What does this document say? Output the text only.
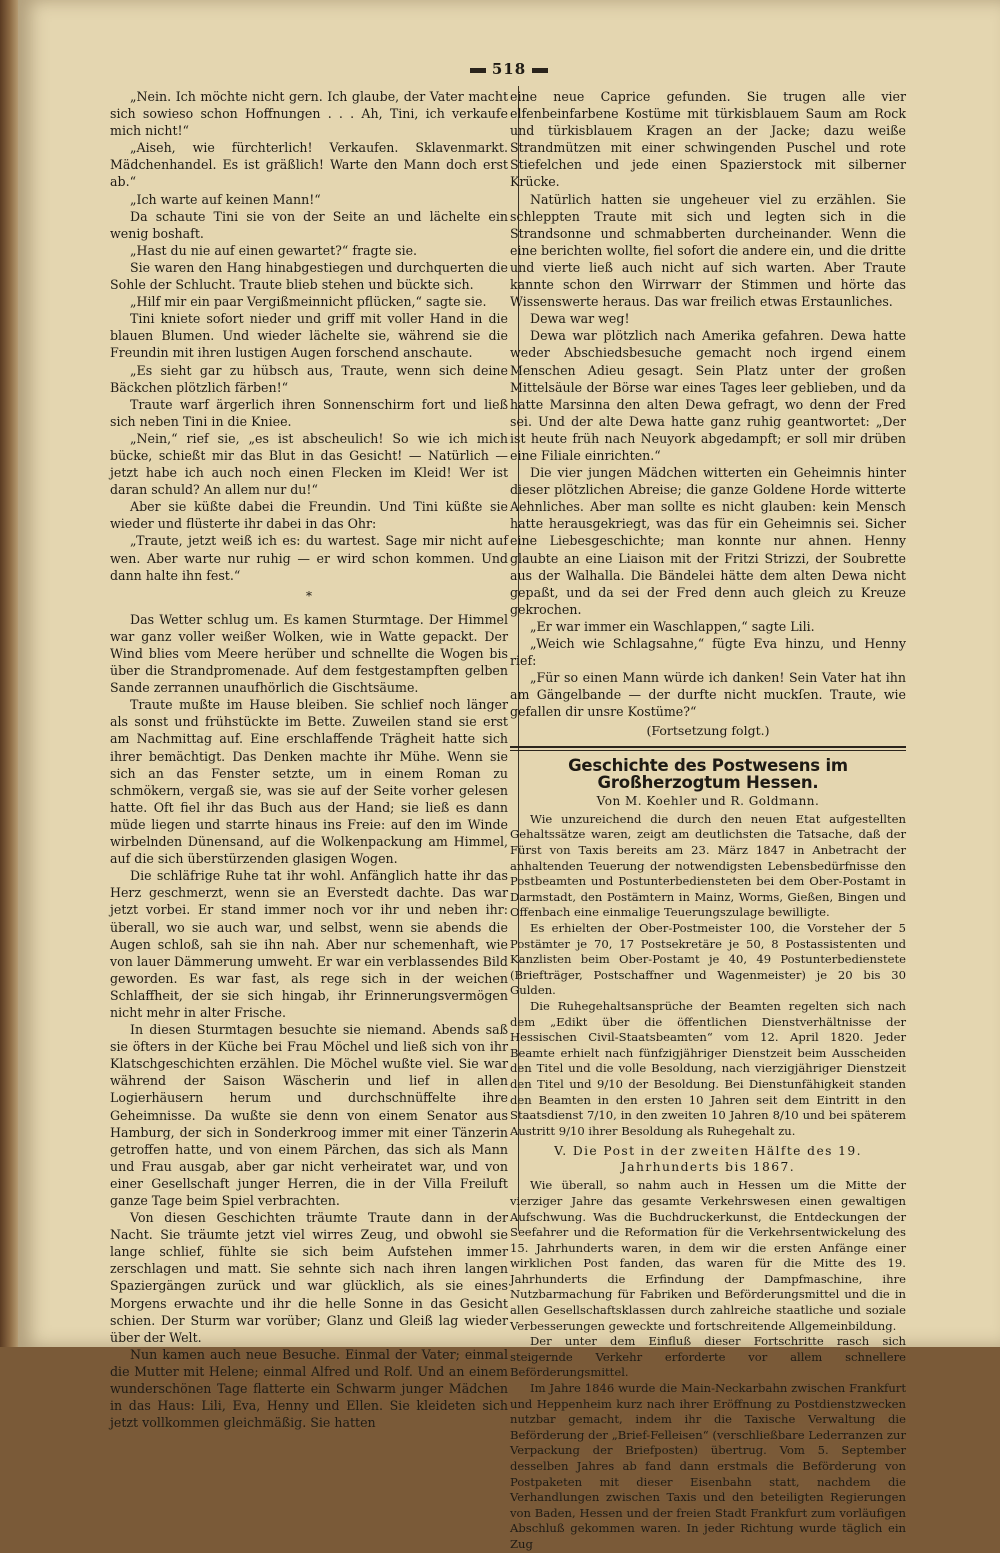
518

„Nein. Ich möchte nicht gern. Ich glaube, der Vater macht sich sowieso schon Hoffnungen . . . Ah, Tini, ich verkaufe mich nicht!“

„Aiseh, wie fürchterlich! Verkaufen. Sklavenmarkt. Mädchenhandel. Es ist gräßlich! Warte den Mann doch erst ab.“

„Ich warte auf keinen Mann!“

Da schaute Tini sie von der Seite an und lächelte ein wenig boshaft.

„Hast du nie auf einen gewartet?“ fragte sie.

Sie waren den Hang hinabgestiegen und durchquerten die Sohle der Schlucht. Traute blieb stehen und bückte sich.

„Hilf mir ein paar Vergißmeinnicht pflücken,“ sagte sie.

Tini kniete sofort nieder und griff mit voller Hand in die blauen Blumen. Und wieder lächelte sie, während sie die Freundin mit ihren lustigen Augen forschend anschaute.

„Es sieht gar zu hübsch aus, Traute, wenn sich deine Bäckchen plötzlich färben!“

Traute warf ärgerlich ihren Sonnenschirm fort und ließ sich neben Tini in die Kniee.

„Nein,“ rief sie, „es ist abscheulich! So wie ich mich bücke, schießt mir das Blut in das Gesicht! — Natürlich — jetzt habe ich auch noch einen Flecken im Kleid! Wer ist daran schuld? An allem nur du!“

Aber sie küßte dabei die Freundin. Und Tini küßte sie wieder und flüsterte ihr dabei in das Ohr:

„Traute, jetzt weiß ich es: du wartest. Sage mir nicht auf wen. Aber warte nur ruhig — er wird schon kommen. Und dann halte ihn fest.“

*

Das Wetter schlug um. Es kamen Sturmtage. Der Himmel war ganz voller weißer Wolken, wie in Watte gepackt. Der Wind blies vom Meere herüber und schnellte die Wogen bis über die Strandpromenade. Auf dem festgestampften gelben Sande zerrannen unaufhörlich die Gischtsäume.

Traute mußte im Hause bleiben. Sie schlief noch länger als sonst und frühstückte im Bette. Zuweilen stand sie erst am Nachmittag auf. Eine erschlaffende Trägheit hatte sich ihrer bemächtigt. Das Denken machte ihr Mühe. Wenn sie sich an das Fenster setzte, um in einem Roman zu schmökern, vergaß sie, was sie auf der Seite vorher gelesen hatte. Oft fiel ihr das Buch aus der Hand; sie ließ es dann müde liegen und starrte hinaus ins Freie: auf den im Winde wirbelnden Dünensand, auf die Wolkenpackung am Himmel, auf die sich überstürzenden glasigen Wogen.

Die schläfrige Ruhe tat ihr wohl. Anfänglich hatte ihr das Herz geschmerzt, wenn sie an Everstedt dachte. Das war jetzt vorbei. Er stand immer noch vor ihr und neben ihr: überall, wo sie auch war, und selbst, wenn sie abends die Augen schloß, sah sie ihn nah. Aber nur schemenhaft, wie von lauer Dämmerung umweht. Er war ein verblassendes Bild geworden. Es war fast, als rege sich in der weichen Schlaffheit, der sie sich hingab, ihr Erinnerungsvermögen nicht mehr in alter Frische.

In diesen Sturmtagen besuchte sie niemand. Abends saß sie öfters in der Küche bei Frau Möchel und ließ sich von ihr Klatschgeschichten erzählen. Die Möchel wußte viel. Sie war während der Saison Wäscherin und lief in allen Logierhäusern herum und durchschnüffelte ihre Geheimnisse. Da wußte sie denn von einem Senator aus Hamburg, der sich in Sonderkroog immer mit einer Tänzerin getroffen hatte, und von einem Pärchen, das sich als Mann und Frau ausgab, aber gar nicht verheiratet war, und von einer Gesellschaft junger Herren, die in der Villa Freiluft ganze Tage beim Spiel verbrachten.

Von diesen Geschichten träumte Traute dann in der Nacht. Sie träumte jetzt viel wirres Zeug, und obwohl sie lange schlief, fühlte sie sich beim Aufstehen immer zerschlagen und matt. Sie sehnte sich nach ihren langen Spaziergängen zurück und war glücklich, als sie eines Morgens erwachte und ihr die helle Sonne in das Gesicht schien. Der Sturm war vorüber; Glanz und Gleiß lag wieder über der Welt.

Nun kamen auch neue Besuche. Einmal der Vater; einmal die Mutter mit Helene; einmal Alfred und Rolf. Und an einem wunderschönen Tage flatterte ein Schwarm junger Mädchen in das Haus: Lili, Eva, Henny und Ellen. Sie kleideten sich jetzt vollkommen gleichmäßig. Sie hatten

eine neue Caprice gefunden. Sie trugen alle vier elfenbeinfarbene Kostüme mit türkisblauem Saum am Rock und türkisblauem Kragen an der Jacke; dazu weiße Strandmützen mit einer schwingenden Puschel und rote Stiefelchen und jede einen Spazierstock mit silberner Krücke.

Natürlich hatten sie ungeheuer viel zu erzählen. Sie schleppten Traute mit sich und legten sich in die Strandsonne und schmabberten durcheinander. Wenn die eine berichten wollte, fiel sofort die andere ein, und die dritte und vierte ließ auch nicht auf sich warten. Aber Traute kannte schon den Wirrwarr der Stimmen und hörte das Wissenswerte heraus. Das war freilich etwas Erstaunliches.

Dewa war weg!

Dewa war plötzlich nach Amerika gefahren. Dewa hatte weder Abschiedsbesuche gemacht noch irgend einem Menschen Adieu gesagt. Sein Platz unter der großen Mittelsäule der Börse war eines Tages leer geblieben, und da hatte Marsinna den alten Dewa gefragt, wo denn der Fred sei. Und der alte Dewa hatte ganz ruhig geantwortet: „Der ist heute früh nach Neuyork abgedampft; er soll mir drüben eine Filiale einrichten.“

Die vier jungen Mädchen witterten ein Geheimnis hinter dieser plötzlichen Abreise; die ganze Goldene Horde witterte Aehnliches. Aber man sollte es nicht glauben: kein Mensch hatte herausgekriegt, was das für ein Geheimnis sei. Sicher eine Liebesgeschichte; man konnte nur ahnen. Henny glaubte an eine Liaison mit der Fritzi Strizzi, der Soubrette aus der Walhalla. Die Bändelei hätte dem alten Dewa nicht gepaßt, und da sei der Fred denn auch gleich zu Kreuze gekrochen.

„Er war immer ein Waschlappen,“ sagte Lili.

„Weich wie Schlagsahne,“ fügte Eva hinzu, und Henny rief:

„Für so einen Mann würde ich danken! Sein Vater hat ihn am Gängelbande — der durfte nicht muckſen. Traute, wie gefallen dir unsre Kostüme?“

(Fortsetzung folgt.)
Geschichte des Postwesens im Großherzogtum Hessen.
Von M. Koehler und R. Goldmann.

Wie unzureichend die durch den neuen Etat aufgestellten Gehaltssätze waren, zeigt am deutlichsten die Tatsache, daß der Fürst von Taxis bereits am 23. März 1847 in Anbetracht der anhaltenden Teuerung der notwendigsten Lebensbedürfnisse den Postbeamten und Postunterbediensteten bei dem Ober-Postamt in Darmstadt, den Postämtern in Mainz, Worms, Gießen, Bingen und Offenbach eine einmalige Teuerungszulage bewilligte.

Es erhielten der Ober-Postmeister 100, die Vorsteher der 5 Postämter je 70, 17 Postsekretäre je 50, 8 Postassistenten und Kanzlisten beim Ober-Postamt je 40, 49 Postunterbedienstete (Briefträger, Postschaffner und Wagenmeister) je 20 bis 30 Gulden.

Die Ruhegehaltsansprüche der Beamten regelten sich nach dem „Edikt über die öffentlichen Dienstverhältnisse der Hessischen Civil-Staatsbeamten“ vom 12. April 1820. Jeder Beamte erhielt nach fünfzigjähriger Dienstzeit beim Ausscheiden den Titel und die volle Besoldung, nach vierzigjähriger Dienstzeit den Titel und 9/10 der Besoldung. Bei Dienstunfähigkeit standen den Beamten in den ersten 10 Jahren seit dem Eintritt in den Staatsdienst 7/10, in den zweiten 10 Jahren 8/10 und bei späterem Austritt 9/10 ihrer Besoldung als Ruhegehalt zu.

V. Die Post in der zweiten Hälfte des 19. Jahrhunderts bis 1867.

Wie überall, so nahm auch in Hessen um die Mitte der vierziger Jahre das gesamte Verkehrswesen einen gewaltigen Aufschwung. Was die Buchdruckerkunst, die Entdeckungen der Seefahrer und die Reformation für die Verkehrsentwickelung des 15. Jahrhunderts waren, in dem wir die ersten Anfänge einer wirklichen Post fanden, das waren für die Mitte des 19. Jahrhunderts die Erfindung der Dampfmaschine, ihre Nutzbarmachung für Fabriken und Beförderungsmittel und die in allen Gesellschaftsklassen durch zahlreiche staatliche und soziale Verbesserungen geweckte und fortschreitende Allgemeinbildung.

Der unter dem Einfluß dieser Fortschritte rasch sich steigernde Verkehr erforderte vor allem schnellere Beförderungsmittel.

Im Jahre 1846 wurde die Main-Neckarbahn zwischen Frankfurt und Heppenheim kurz nach ihrer Eröffnung zu Postdienstzwecken nutzbar gemacht, indem ihr die Taxische Verwaltung die Beförderung der „Brief-Felleisen“ (verschließbare Lederranzen zur Verpackung der Briefposten) übertrug. Vom 5. September desselben Jahres ab fand dann erstmals die Beförderung von Postpaketen mit dieser Eisenbahn statt, nachdem die Verhandlungen zwischen Taxis und den beteiligten Regierungen von Baden, Hessen und der freien Stadt Frankfurt zum vorläufigen Abschluß gekommen waren. In jeder Richtung wurde täglich ein Zug
